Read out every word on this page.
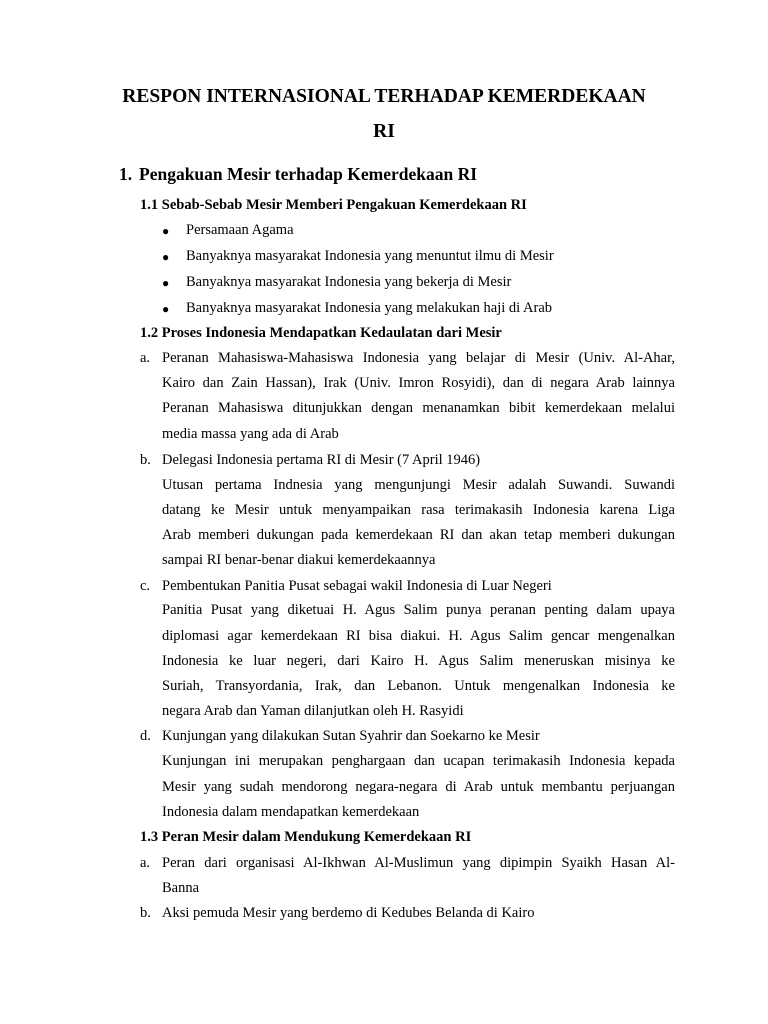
RESPON INTERNASIONAL TERHADAP KEMERDEKAAN
RI
1. Pengakuan Mesir terhadap Kemerdekaan RI
1.1 Sebab-Sebab Mesir Memberi Pengakuan Kemerdekaan RI
● Persamaan Agama
● Banyaknya masyarakat Indonesia yang menuntut ilmu di Mesir
● Banyaknya masyarakat Indonesia yang bekerja di Mesir
● Banyaknya masyarakat Indonesia yang melakukan haji di Arab
1.2 Proses Indonesia Mendapatkan Kedaulatan dari Mesir
a. Peranan Mahasiswa-Mahasiswa Indonesia yang belajar di Mesir (Univ. Al-Ahar,
Kairo dan Zain Hassan), Irak (Univ. Imron Rosyidi), dan di negara Arab lainnya
Peranan Mahasiswa ditunjukkan dengan menanamkan bibit kemerdekaan melalui
media massa yang ada di Arab
b. Delegasi Indonesia pertama RI di Mesir (7 April 1946)
Utusan pertama Indnesia yang mengunjungi Mesir adalah Suwandi. Suwandi
datang ke Mesir untuk menyampaikan rasa terimakasih Indonesia karena Liga
Arab memberi dukungan pada kemerdekaan RI dan akan tetap memberi dukungan
sampai RI benar-benar diakui kemerdekaannya
c. Pembentukan Panitia Pusat sebagai wakil Indonesia di Luar Negeri
Panitia Pusat yang diketuai H. Agus Salim punya peranan penting dalam upaya
diplomasi agar kemerdekaan RI bisa diakui. H. Agus Salim gencar mengenalkan
Indonesia ke luar negeri, dari Kairo H. Agus Salim meneruskan misinya ke
Suriah, Transyordania, Irak, dan Lebanon. Untuk mengenalkan Indonesia ke
negara Arab dan Yaman dilanjutkan oleh H. Rasyidi
d. Kunjungan yang dilakukan Sutan Syahrir dan Soekarno ke Mesir
Kunjungan ini merupakan penghargaan dan ucapan terimakasih Indonesia kepada
Mesir yang sudah mendorong negara-negara di Arab untuk membantu perjuangan
Indonesia dalam mendapatkan kemerdekaan
1.3 Peran Mesir dalam Mendukung Kemerdekaan RI
a. Peran dari organisasi Al-Ikhwan Al-Muslimun yang dipimpin Syaikh Hasan Al-
Banna
b. Aksi pemuda Mesir yang berdemo di Kedubes Belanda di Kairo
